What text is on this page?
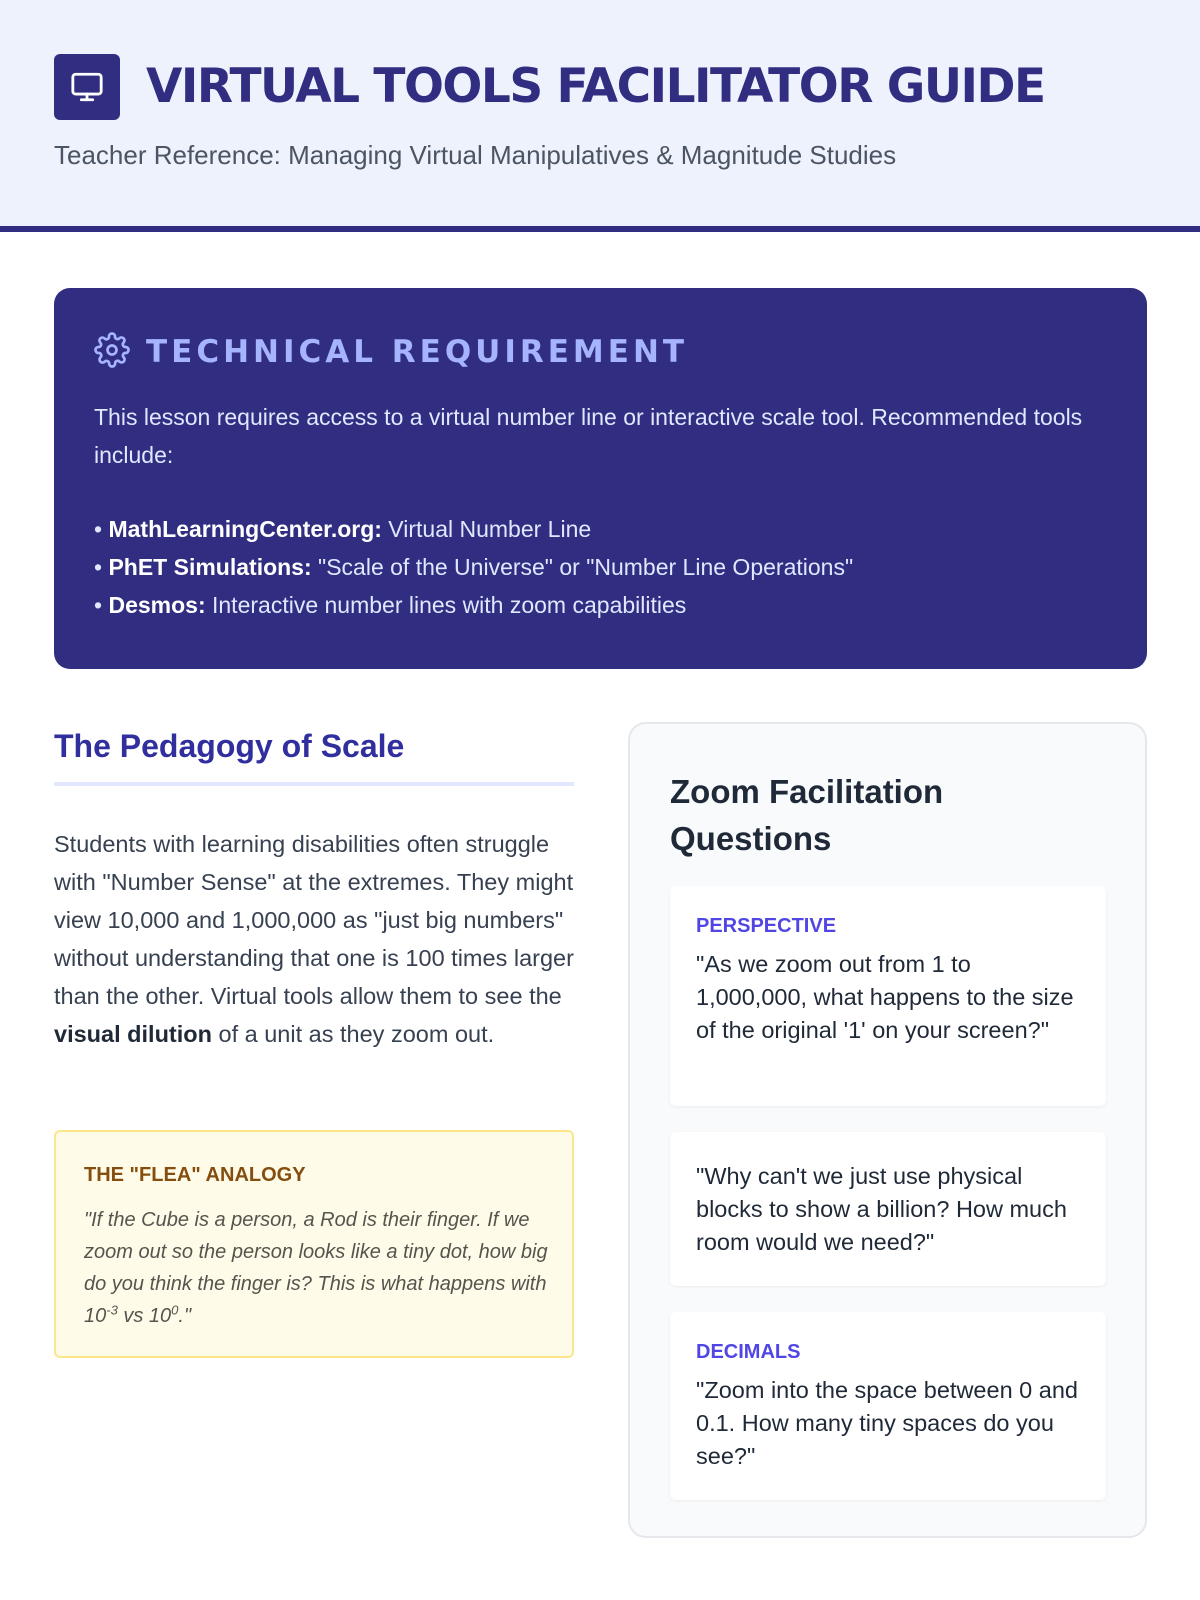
VIRTUAL TOOLS FACILITATOR GUIDE
Teacher Reference: Managing Virtual Manipulatives & Magnitude Studies
TECHNICAL REQUIREMENT

This lesson requires access to a virtual number line or interactive scale tool. Recommended tools include:

• MathLearningCenter.org: Virtual Number Line
• PhET Simulations: "Scale of the Universe" or "Number Line Operations"
• Desmos: Interactive number lines with zoom capabilities
The Pedagogy of Scale

Students with learning disabilities often struggle with "Number Sense" at the extremes. They might view 10,000 and 1,000,000 as "just big numbers" without understanding that one is 100 times larger than the other. Virtual tools allow them to see the visual dilution of a unit as they zoom out.

THE "FLEA" ANALOGY

"If the Cube is a person, a Rod is their finger. If we zoom out so the person looks like a tiny dot, how big do you think the finger is? This is what happens with $10^{-3}$ vs $10^0$."

Zoom Facilitation Questions
PERSPECTIVE

"As we zoom out from 1 to 1,000,000, what happens to the size of the original '1' on your screen?"

"Why can't we just use physical blocks to show a billion? How much room would we need?"

DECIMALS

"Zoom into the space between 0 and 0.1. How many tiny spaces do you see?"
